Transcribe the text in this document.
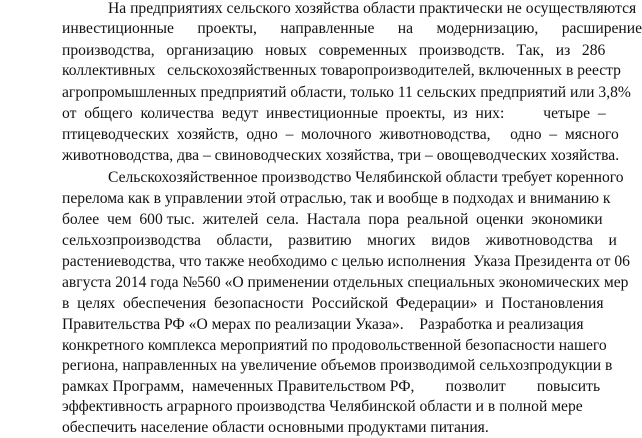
На предприятиях сельского хозяйства области практически не осуществляются
инвестиционные      проекты,      направленные      на      модернизацию,      расширение
производства,   организацию   новых   современных   производств.   Так,   из   286
коллективных   сельскохозяйственных товаропроизводителей, включенных в реестр
агропромышленных предприятий области, только 11 сельских предприятий или 3,8%
от  общего  количества  ведут  инвестиционные  проекты,  из  них:          четыре  –
птицеводческих  хозяйств,  одно  –  молочного  животноводства,     одно  –  мясного
животноводства, два – свиноводческих хозяйства, три – овощеводческих хозяйства.
Сельскохозяйственное производство Челябинской области требует коренного
перелома как в управлении этой отраслью, так и вообще в подходах и вниманию к
более  чем  600 тыс.  жителей  села.  Настала  пора  реальной  оценки  экономики
сельхозпроизводства    области,    развитию    многих    видов    животноводства    и
растениеводства, что также необходимо с целью исполнения  Указа Президента от 06
августа 2014 года №560 «О применении отдельных специальных экономических мер
в  целях  обеспечения  безопасности  Российской  Федерации»  и  Постановления
Правительства РФ «О мерах по реализации Указа».    Разработка и реализация
конкретного комплекса мероприятий по продовольственной безопасности нашего
региона, направленных на увеличение объемов производимой сельхозпродукции в
рамках Программ,  намеченных Правительством РФ,        позволит        повысить
эффективность аграрного производства Челябинской области и в полной мере
обеспечить население области основными продуктами питания.
